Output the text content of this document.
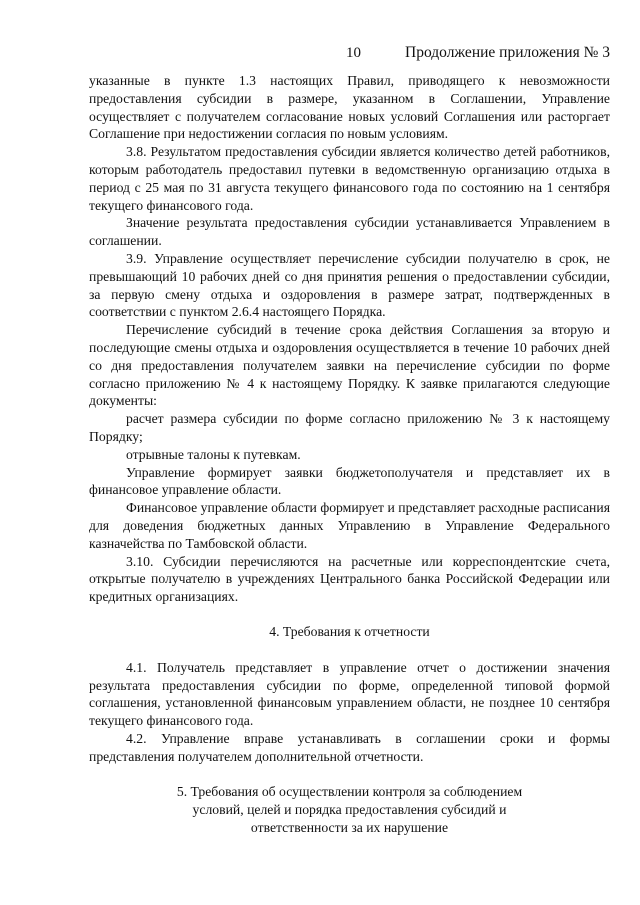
10	Продолжение приложения № 3

указанные в пункте 1.3 настоящих Правил, приводящего к невозможности предоставления субсидии в размере, указанном в Соглашении, Управление осуществляет с получателем согласование новых условий Соглашения или расторгает Соглашение при недостижении согласия по новым условиям.

3.8. Результатом предоставления субсидии является количество детей работников, которым работодатель предоставил путевки в ведомственную организацию отдыха в период с 25 мая по 31 августа текущего финансового года по состоянию на 1 сентября текущего финансового года.

Значение результата предоставления субсидии устанавливается Управлением в соглашении.

3.9. Управление осуществляет перечисление субсидии получателю в срок, не превышающий 10 рабочих дней со дня принятия решения о предоставлении субсидии, за первую смену отдыха и оздоровления в размере затрат, подтвержденных в соответствии с пунктом 2.6.4 настоящего Порядка.

Перечисление субсидий в течение срока действия Соглашения за вторую и последующие смены отдыха и оздоровления осуществляется в течение 10 рабочих дней со дня предоставления получателем заявки на перечисление субсидии по форме согласно приложению № 4 к настоящему Порядку. К заявке прилагаются следующие документы:

расчет размера субсидии по форме согласно приложению № 3 к настоящему Порядку;

отрывные талоны к путевкам.

Управление формирует заявки бюджетополучателя и представляет их в финансовое управление области.

Финансовое управление области формирует и представляет расходные расписания для доведения бюджетных данных Управлению в Управление Федерального казначейства по Тамбовской области.

3.10. Субсидии перечисляются на расчетные или корреспондентские счета, открытые получателю в учреждениях Центрального банка Российской Федерации или кредитных организациях.

4. Требования к отчетности

4.1. Получатель представляет в управление отчет о достижении значения результата предоставления субсидии по форме, определенной типовой формой соглашения, установленной финансовым управлением области, не позднее 10 сентября текущего финансового года.

4.2. Управление вправе устанавливать в соглашении сроки и формы представления получателем дополнительной отчетности.

5. Требования об осуществлении контроля за соблюдением
условий, целей и порядка предоставления субсидий и
ответственности за их нарушение
